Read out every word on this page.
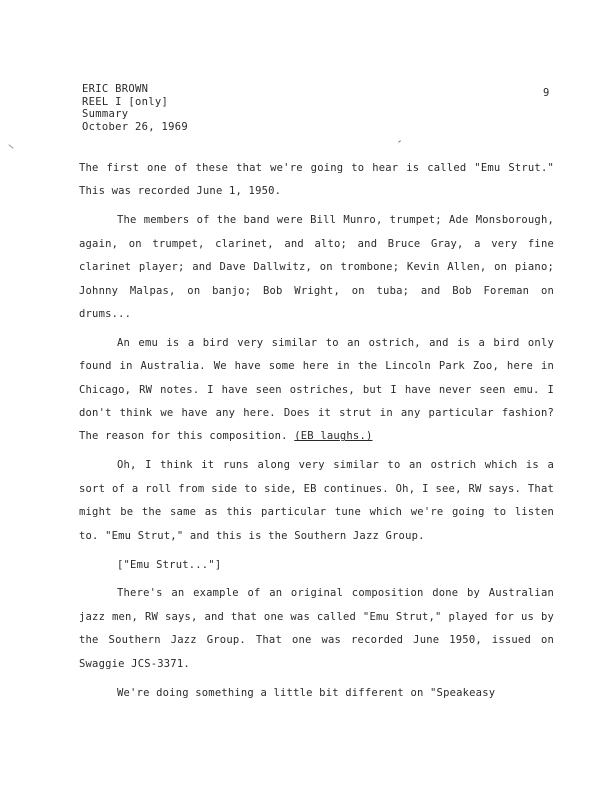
ERIC BROWN
REEL I [only]
Summary
October 26, 1969
9

The first one of these that we're going to hear is called "Emu Strut." This was recorded June 1, 1950.

The members of the band were Bill Munro, trumpet; Ade Monsborough, again, on trumpet, clarinet, and alto; and Bruce Gray, a very fine clarinet player; and Dave Dallwitz, on trombone; Kevin Allen, on piano; Johnny Malpas, on banjo; Bob Wright, on tuba; and Bob Foreman on drums...

An emu is a bird very similar to an ostrich, and is a bird only found in Australia. We have some here in the Lincoln Park Zoo, here in Chicago, RW notes. I have seen ostriches, but I have never seen emu. I don't think we have any here. Does it strut in any particular fashion? The reason for this composition. (EB laughs.)

Oh, I think it runs along very similar to an ostrich which is a sort of a roll from side to side, EB continues. Oh, I see, RW says. That might be the same as this particular tune which we're going to listen to. "Emu Strut," and this is the Southern Jazz Group.

["Emu Strut..."]

There's an example of an original composition done by Australian jazz men, RW says, and that one was called "Emu Strut," played for us by the Southern Jazz Group. That one was recorded June 1950, issued on Swaggie JCS-3371.

We're doing something a little bit different on "Speakeasy
